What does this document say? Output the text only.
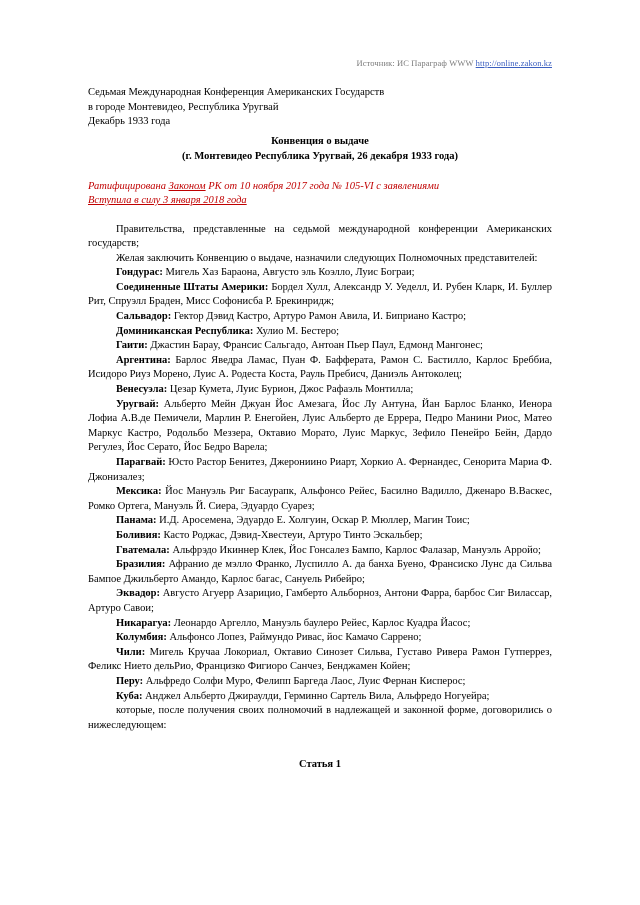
Источник: ИС Параграф WWW http://online.zakon.kz
Седьмая Международная Конференция Американских Государств
в городе Монтевидео, Республика Уругвай
Декабрь 1933 года
Конвенция о выдаче
(г. Монтевидео Республика Уругвай, 26 декабря 1933 года)
Ратифицирована Законом РК от 10 ноября 2017 года № 105-VI с заявлениями
Вступила в силу 3 января 2018 года

Правительства, представленные на седьмой международной конференции Американских государств;

Желая заключить Конвенцию о выдаче, назначили следующих Полномочных представителей:

Гондурас: Мигель Хаз Бараона, Августо эль Коэлло, Луис Бограи;

Соединенные Штаты Америки: Бордел Хулл, Александр У. Уеделл, И. Рубен Кларк, И. Буллер Рит, Спруэлл Браден, Мисс Софонисба Р. Брекинридж;

Сальвадор: Гектор Дэвид Кастро, Артуро Рамон Авила, И. Биприано Кастро;

Доминиканская Республика: Хулио М. Бестеро;

Гаити: Джастин Бараy, Франсис Сальгадо, Антоан Пьер Паул, Едмонд Мангонес;

Аргентина: Барлос Яведра Ламас, Пуан Ф. Бафферата, Рамон С. Бастилло, Карлос Бреббиа, Исидоро Риуз Морено, Луис А. Родеста Коста, Рауль Пребисч, Даниэль Антоколец;

Венесуэла: Цезар Кумета, Луис Бурион, Джос Рафаэль Монтилла;

Уругвай: Альберто Мейн Джуан Йос Амезага, Йос Лу Антуна, Йан Барлос Бланко, Иенора Лофиа А.В.де Пемичели, Марлин Р. Енегойен, Луис Альберто де Еррера, Педро Манини Риос, Матео Маркус Кастро, Родольбо Меззера, Октавио Морато, Луис Маркус, Зефило Пенейро Бейн, Дардо Регулез, Йос Серато, Йос Бедро Варела;

Парагвай: Юсто Растор Бенитез, Джерониино Риарт, Хоркио А. Фернандес, Сенорита Мариа Ф. Джонизалез;

Мексика: Йос Мануэль Риг Басаурапк, Альфонсо Рейес, Басилно Вадилло, Дженаро В.Васкес, Ромко Ортега, Мануэль Й. Сиера, Эдуардо Суарез;

Панама: И.Д. Аросемена, Эдуардо Е. Холгуин, Оскар Р. Мюллер, Магин Тоис;

Боливия: Касто Роджас, Дэвид-Хвестеуи, Артуро Тинто Эскальбер;

Гватемала: Альфрэдо Икиннер Клек, Йос Гонсалез Бампо, Карлос Фалазар, Мануэль Арройо;

Бразилия: Афранио де мэлло Франко, Луспилло А. да банха Буено, Франсиско Лунс да Сильва Бампое Джильберто Амандо, Карлос багас, Сануель Рибейро;

Эквадор: Августо Агуерр Азарицио, Гамберто Альборноз, Антони Фарра, барбос Сиг Вилассар, Артуро Савои;

Никарагуа: Леонардо Аргелло, Мануэль баулеро Рейес, Карлос Куадра Йасос;

Колумбия: Альфонсо Лопез, Раймундо Ривас, йос Камачо Саррено;

Чили: Мигель Кручаа Локориал, Октавио Синозет Сильва, Густаво Ривера Рамон Гутперрез, Феликс Нието дельРио, Францизко Фигиоро Санчез, Бенджамен Койен;

Перу: Альфредо Солфи Муро, Фелипп Баргеда Лаос, Луис Фернан Кисперос;

Куба: Анджел Альберто Джираулди, Герминно Сартель Вила, Альфредо Ногуейра;

которые, после получения своих полномочий в надлежащей и законной форме, договорились о нижеследующем:

Статья 1
